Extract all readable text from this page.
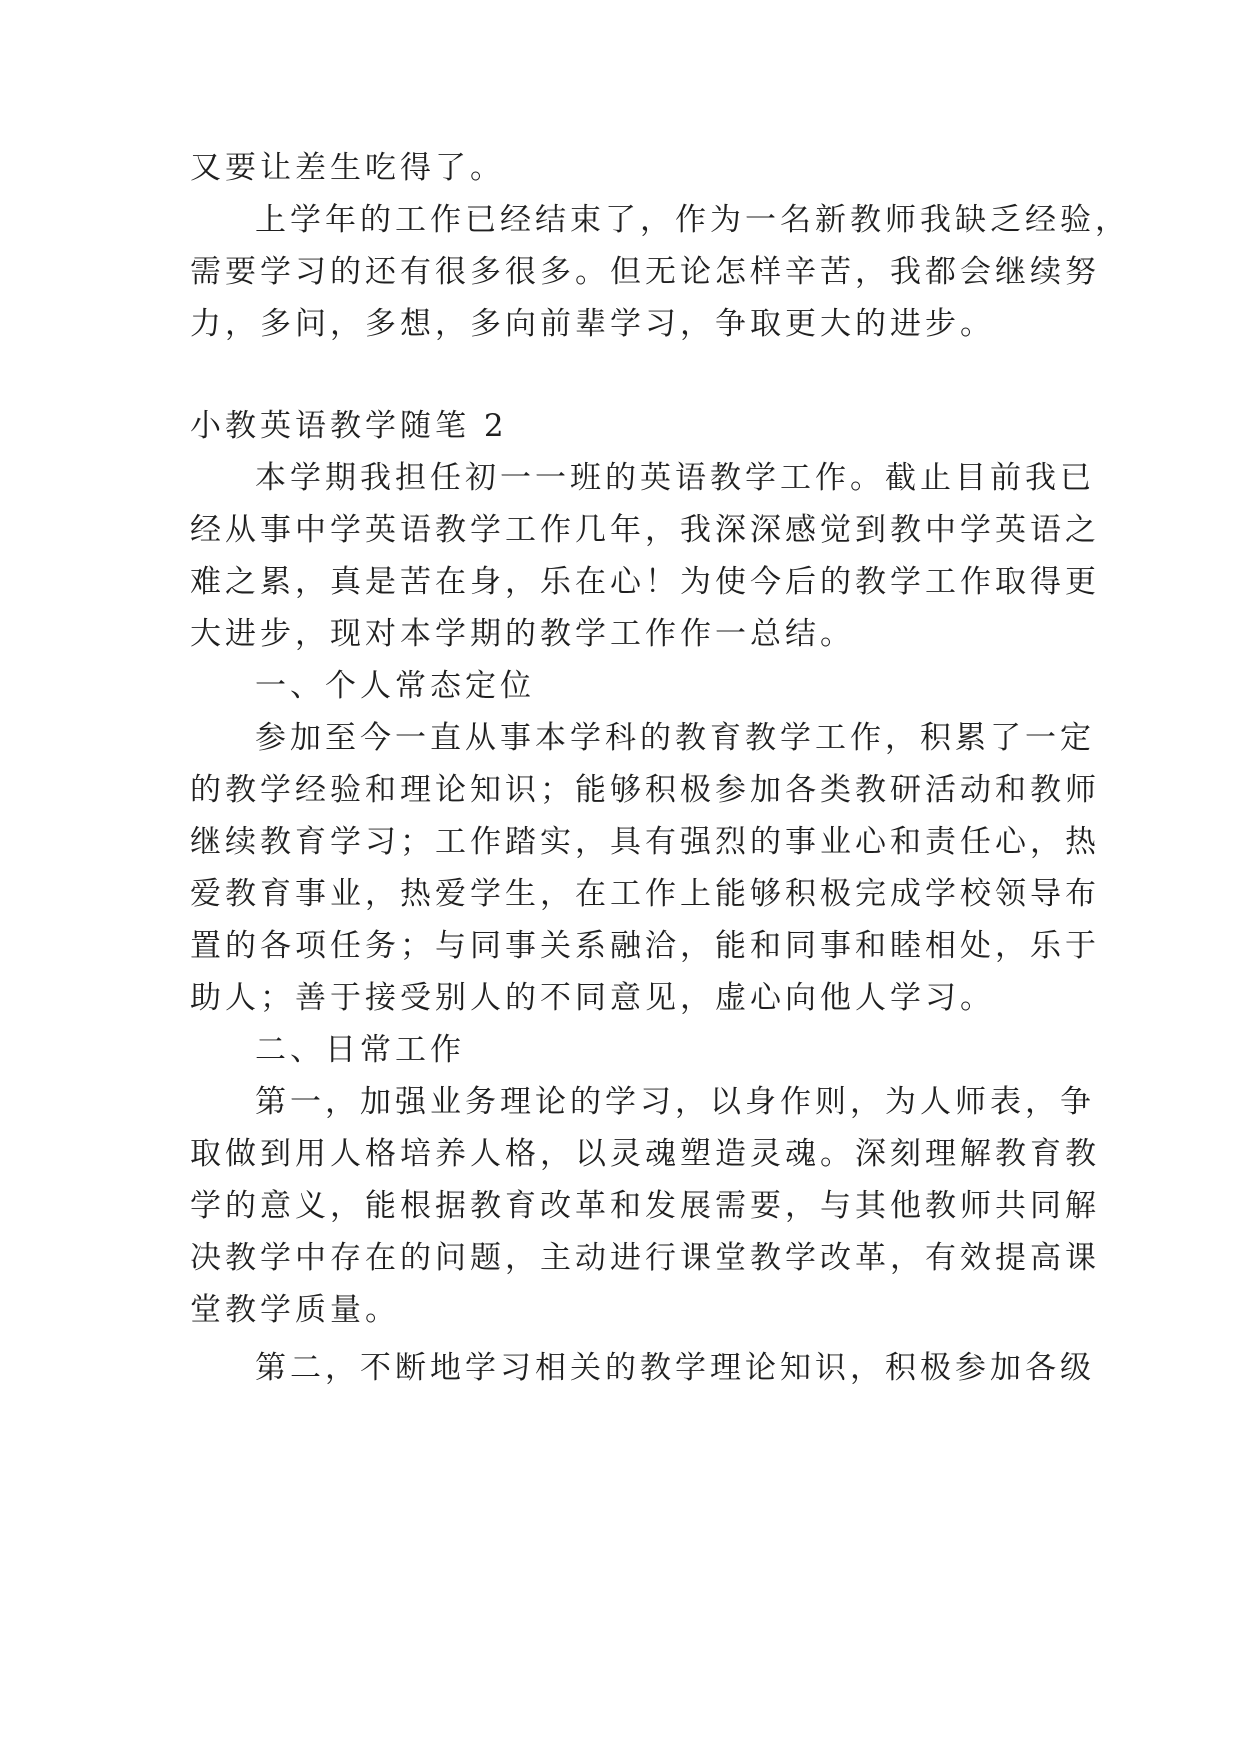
又要让差生吃得了。
上学年的工作已经结束了，作为一名新教师我缺乏经验，
需要学习的还有很多很多。但无论怎样辛苦，我都会继续努
力，多问，多想，多向前辈学习，争取更大的进步。
小教英语教学随笔 2
本学期我担任初一一班的英语教学工作。截止目前我已
经从事中学英语教学工作几年，我深深感觉到教中学英语之
难之累，真是苦在身，乐在心！为使今后的教学工作取得更
大进步，现对本学期的教学工作作一总结。
一、个人常态定位
参加至今一直从事本学科的教育教学工作，积累了一定
的教学经验和理论知识；能够积极参加各类教研活动和教师
继续教育学习；工作踏实，具有强烈的事业心和责任心，热
爱教育事业，热爱学生，在工作上能够积极完成学校领导布
置的各项任务；与同事关系融洽，能和同事和睦相处，乐于
助人；善于接受别人的不同意见，虚心向他人学习。
二、日常工作
第一，加强业务理论的学习，以身作则，为人师表，争
取做到用人格培养人格，以灵魂塑造灵魂。深刻理解教育教
学的意义，能根据教育改革和发展需要，与其他教师共同解
决教学中存在的问题，主动进行课堂教学改革，有效提高课
堂教学质量。
第二，不断地学习相关的教学理论知识，积极参加各级
